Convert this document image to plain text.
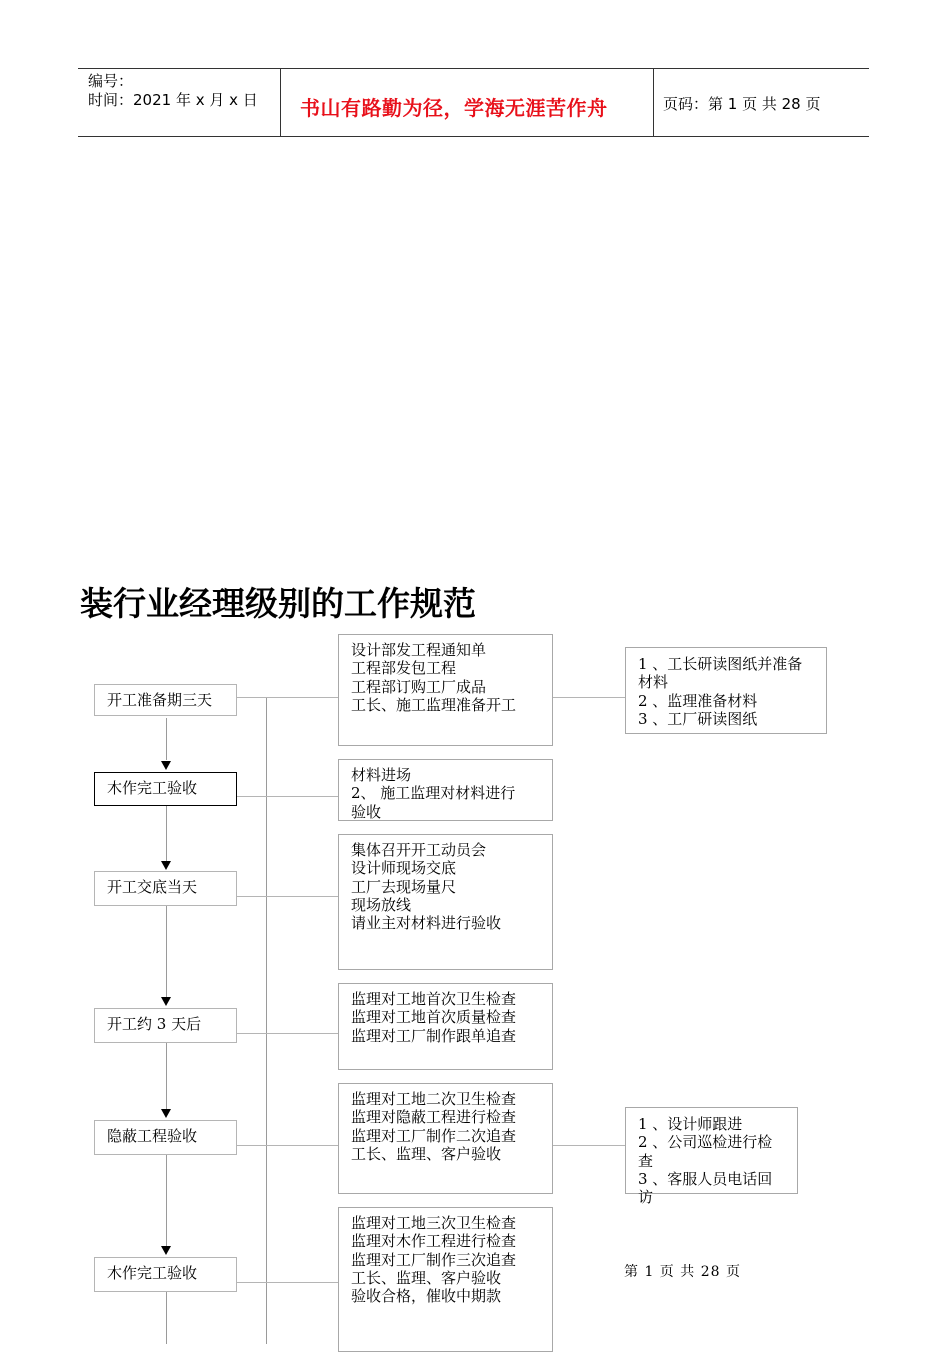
编号：
时间：2021 年 x 月 x 日 书山有路勤为径，学海无涯苦作舟	页码：第 1 页 共 28 页
装行业经理级别的工作规范
开工准备期三天
木作完工验收
开工交底当天
开工约 3 天后
隐蔽工程验收
木作完工验收
设计部发工程通知单
工程部发包工程
工程部订购工厂成品
工长、施工监理准备开工
材料进场
2、 施工监理对材料进行
验收
集体召开开工动员会
设计师现场交底
工厂去现场量尺
现场放线
请业主对材料进行验收
监理对工地首次卫生检查
监理对工地首次质量检查
监理对工厂制作跟单追查
监理对工地二次卫生检查
监理对隐蔽工程进行检查
监理对工厂制作二次追查
工长、监理、客户验收
监理对工地三次卫生检查
监理对木作工程进行检查
监理对工厂制作三次追查
工长、监理、客户验收
验收合格，催收中期款
1 、工长研读图纸并准备
材料
2 、监理准备材料
3 、工厂研读图纸
1 、设计师跟进
2 、公司巡检进行检
查
3 、客服人员电话回
访
第 1 页 共 28 页
